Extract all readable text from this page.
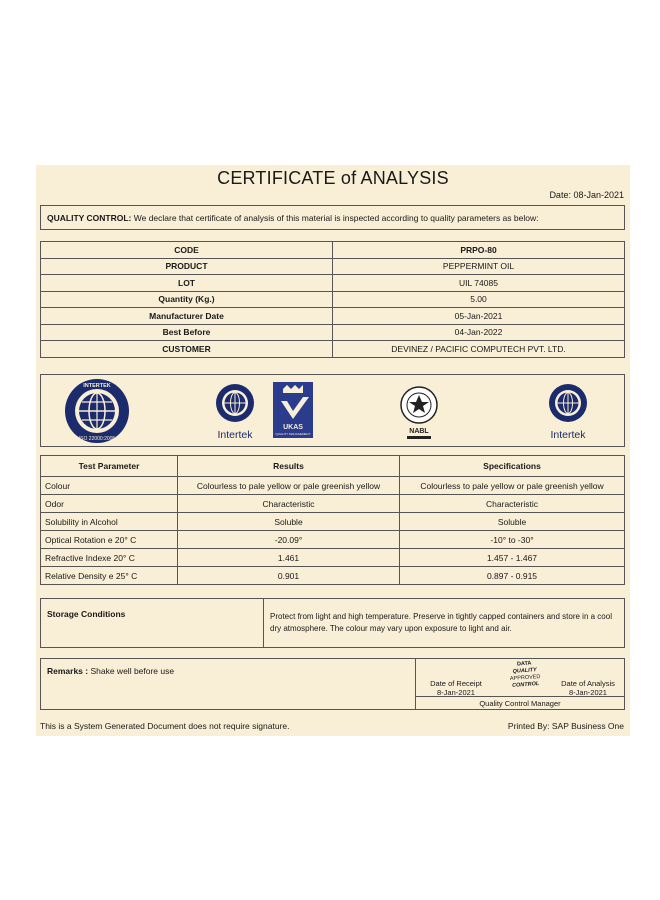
CERTIFICATE of ANALYSIS
Date: 08-Jan-2021
QUALITY CONTROL: We declare that certificate of analysis of this material is inspected according to quality parameters as below:
CODE	PRPO-80
PRODUCT	PEPPERMINT OIL
LOT	UIL 74085
Quantity (Kg.)	5.00
Manufacturer Date	05-Jan-2021
Best Before	04-Jan-2022
CUSTOMER	DEVINEZ / PACIFIC COMPUTECH PVT. LTD.
INTERTEK
ISO 22000:2005	Intertek
UKAS
QUALITY MANAGEMENT	NABL	Intertek
Test Parameter	Results	Specifications
Colour	Colourless to pale yellow or pale greenish yellow	Colourless to pale yellow or pale greenish yellow
Odor	Characteristic	Characteristic
Solubility in Alcohol	Soluble	Soluble
Optical Rotation e 20° C	-20.09°	-10° to -30°
Refractive Indexe 20° C	1.461	1.457 - 1.467
Relative Density e 25° C	0.901	0.897 - 0.915
Storage Conditions	Protect from light and high temperature. Preserve in tightly capped containers and store in a cool dry atmosphere. The colour may vary upon exposure to light and air.
Remarks : Shake well before use
Date of Receipt
8-Jan-2021
DATA
QUALITY
APPROVED
CONTROL	Date of Analysis
8-Jan-2021
Quality Control Manager
This is a System Generated Document does not require signature.	Printed By: SAP Business One
